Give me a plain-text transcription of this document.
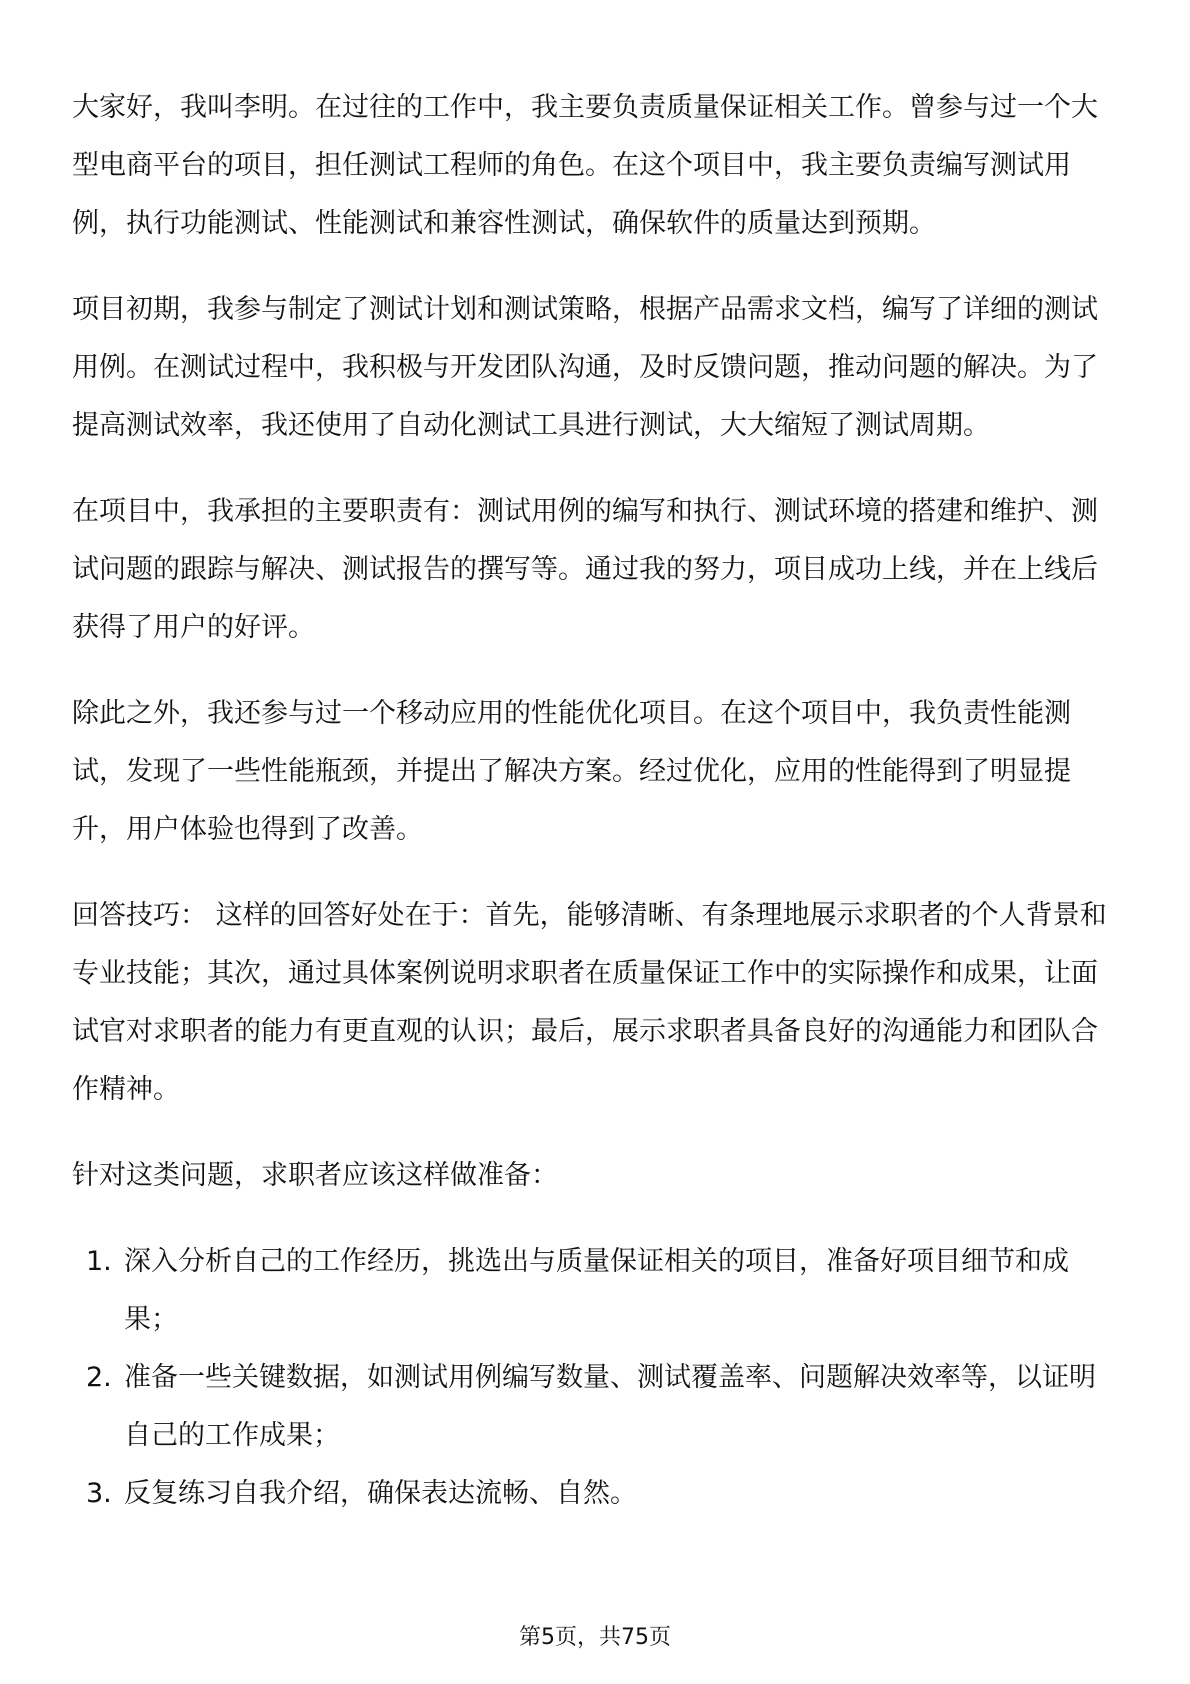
大家好，我叫李明。在过往的工作中，我主要负责质量保证相关工作。曾参与过一个大型电商平台的项目，担任测试工程师的角色。在这个项目中，我主要负责编写测试用例，执行功能测试、性能测试和兼容性测试，确保软件的质量达到预期。

项目初期，我参与制定了测试计划和测试策略，根据产品需求文档，编写了详细的测试用例。在测试过程中，我积极与开发团队沟通，及时反馈问题，推动问题的解决。为了提高测试效率，我还使用了自动化测试工具进行测试，大大缩短了测试周期。

在项目中，我承担的主要职责有：测试用例的编写和执行、测试环境的搭建和维护、测试问题的跟踪与解决、测试报告的撰写等。通过我的努力，项目成功上线，并在上线后获得了用户的好评。

除此之外，我还参与过一个移动应用的性能优化项目。在这个项目中，我负责性能测试，发现了一些性能瓶颈，并提出了解决方案。经过优化，应用的性能得到了明显提升，用户体验也得到了改善。

回答技巧： 这样的回答好处在于：首先，能够清晰、有条理地展示求职者的个人背景和专业技能；其次，通过具体案例说明求职者在质量保证工作中的实际操作和成果，让面试官对求职者的能力有更直观的认识；最后，展示求职者具备良好的沟通能力和团队合作精神。

针对这类问题，求职者应该这样做准备：

1. 深入分析自己的工作经历，挑选出与质量保证相关的项目，准备好项目细节和成果；
2. 准备一些关键数据，如测试用例编写数量、测试覆盖率、问题解决效率等，以证明自己的工作成果；
3. 反复练习自我介绍，确保表达流畅、自然。
第5页，共75页
